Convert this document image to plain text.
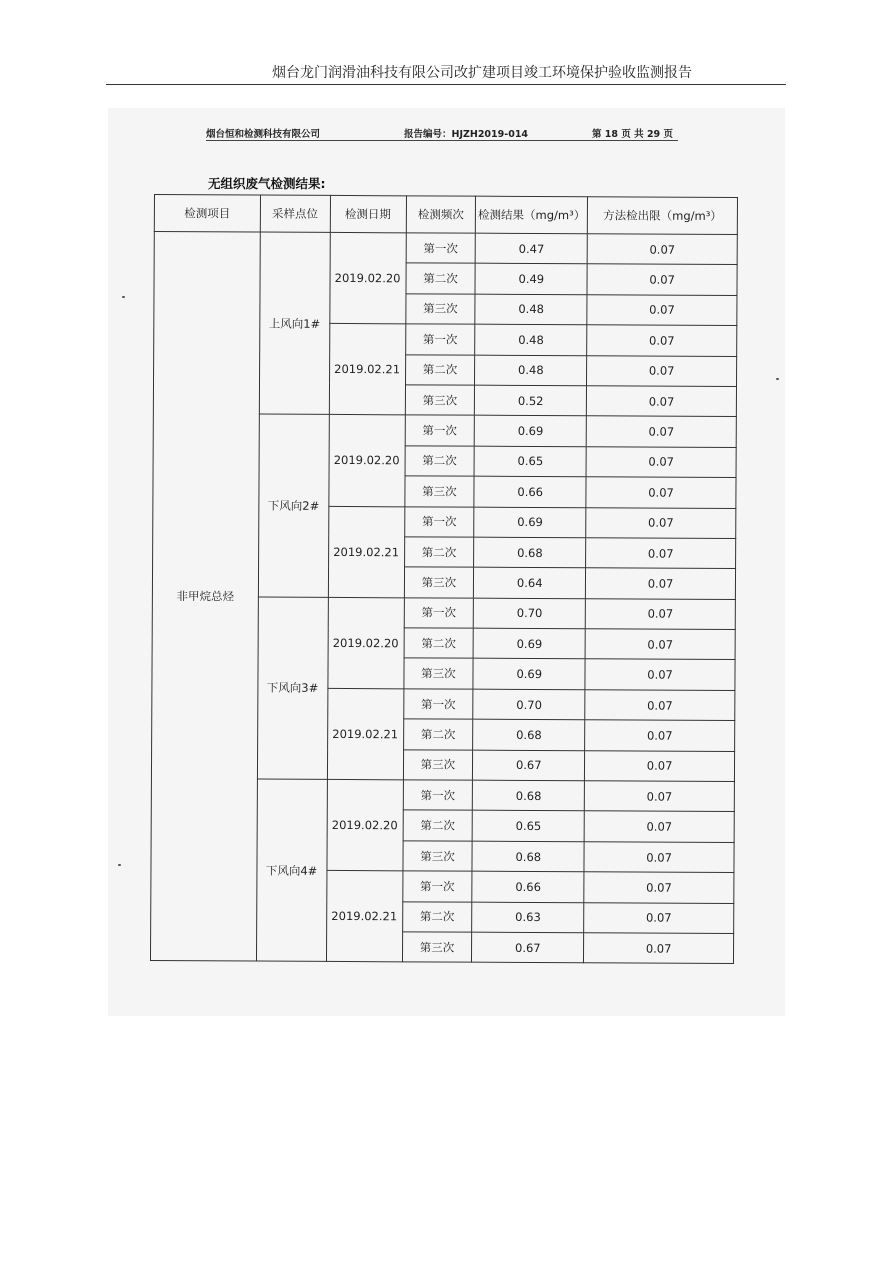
烟台龙门润滑油科技有限公司改扩建项目竣工环境保护验收监测报告
烟台恒和检测科技有限公司	报告编号：HJZH2019-014	第 18 页 共 29 页
无组织废气检测结果:
检测项目	采样点位	检测日期	检测频次	检测结果（mg/m³）	方法检出限（mg/m³）
非甲烷总烃	上风向1#	2019.02.20	第一次	0.47	0.07
			第二次	0.49	0.07
			第三次	0.48	0.07
		2019.02.21	第一次	0.48	0.07
			第二次	0.48	0.07
			第三次	0.52	0.07
	下风向2#	2019.02.20	第一次	0.69	0.07
			第二次	0.65	0.07
			第三次	0.66	0.07
		2019.02.21	第一次	0.69	0.07
			第二次	0.68	0.07
			第三次	0.64	0.07
	下风向3#	2019.02.20	第一次	0.70	0.07
			第二次	0.69	0.07
			第三次	0.69	0.07
		2019.02.21	第一次	0.70	0.07
			第二次	0.68	0.07
			第三次	0.67	0.07
	下风向4#	2019.02.20	第一次	0.68	0.07
			第二次	0.65	0.07
			第三次	0.68	0.07
		2019.02.21	第一次	0.66	0.07
			第二次	0.63	0.07
			第三次	0.67	0.07
